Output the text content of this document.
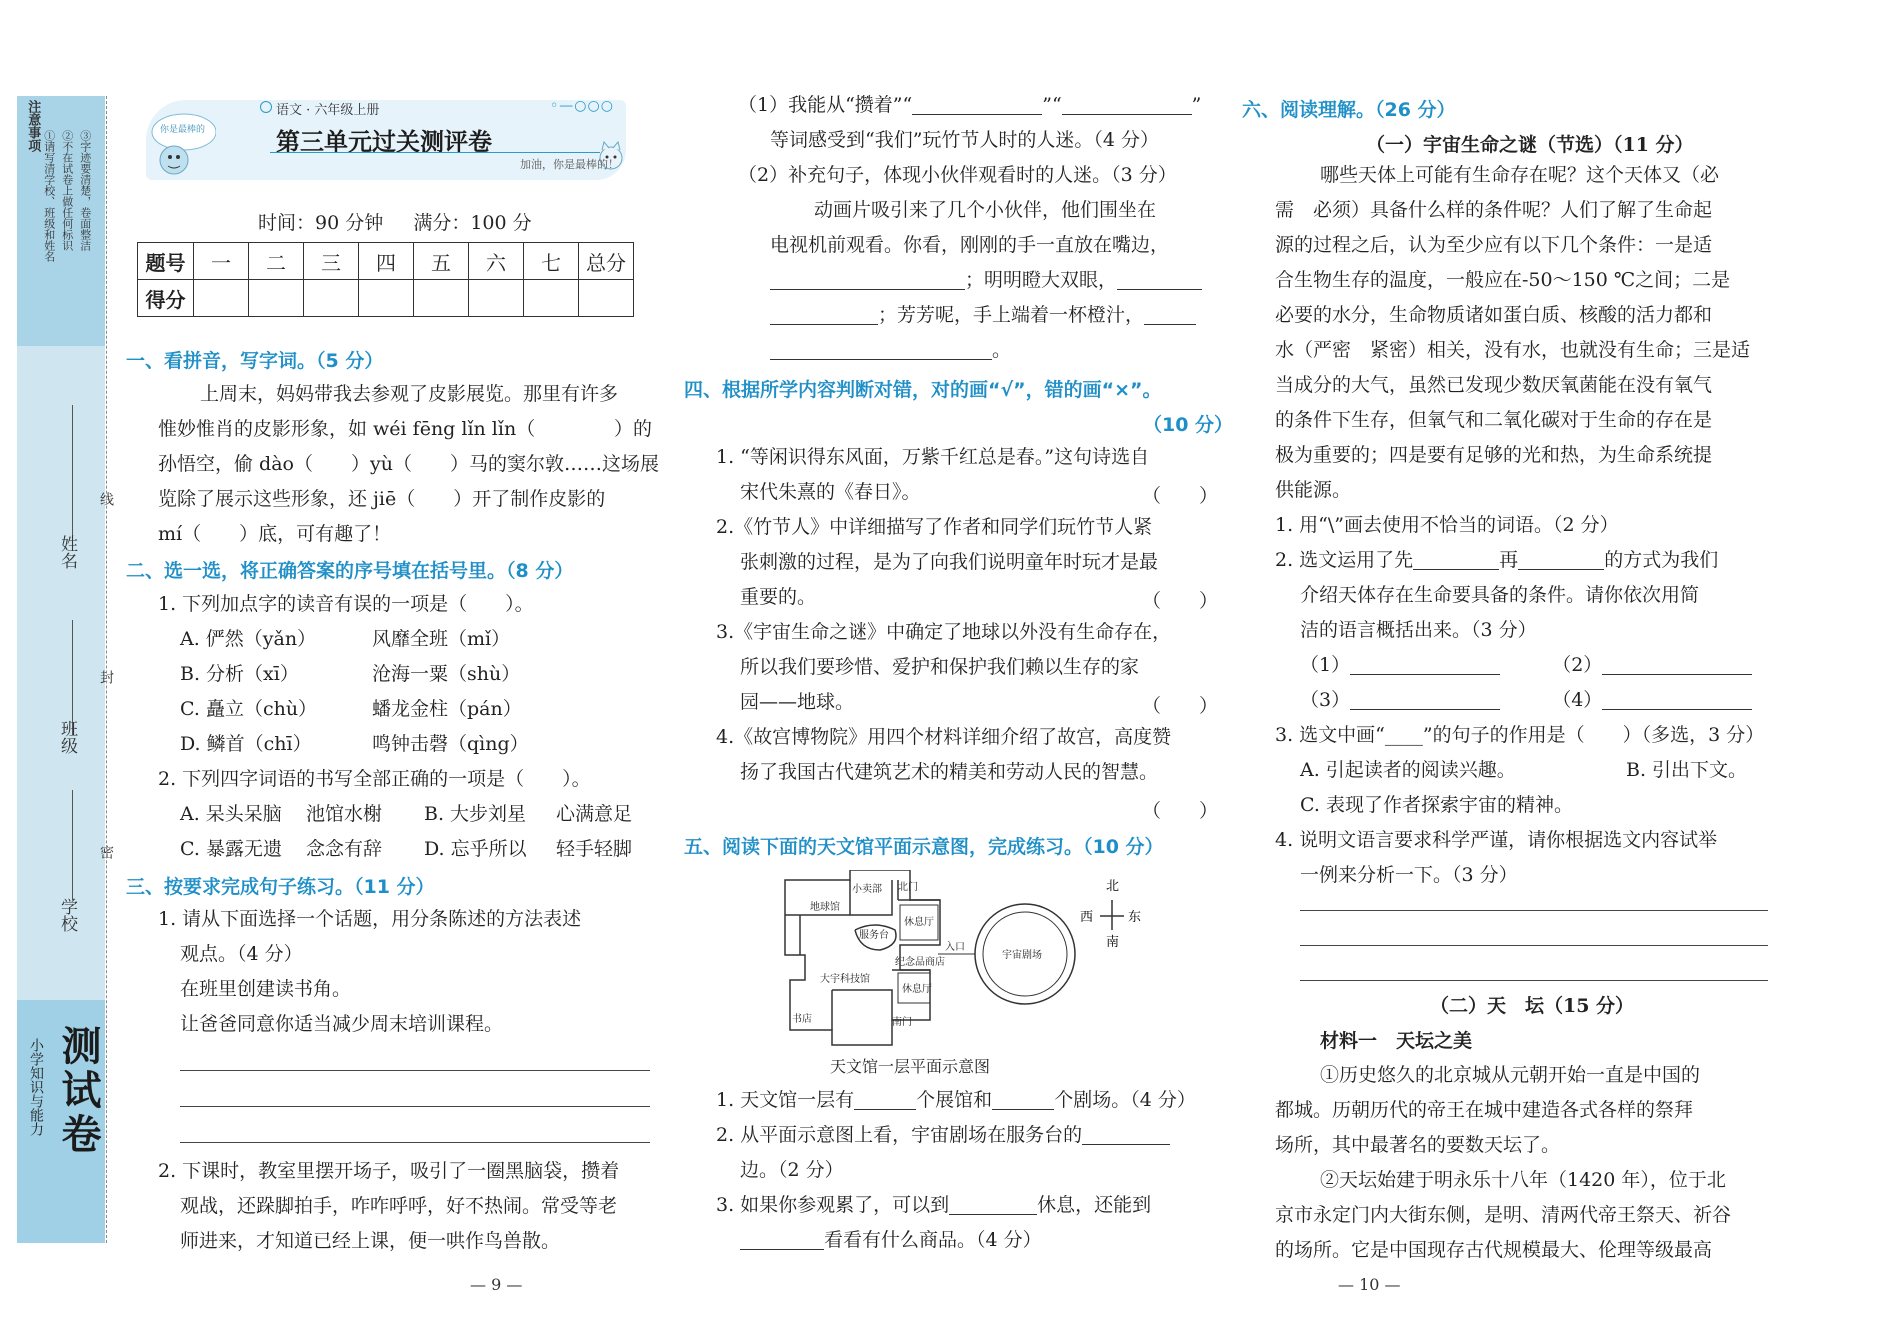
注意事项
①请写清学校、班级和姓名 ②不在试卷上做任何标识 ③字迹要清楚，卷面整洁
姓名
班级
学校
线
封
密
小学知识与能力 测试卷
你是最棒的
语文 · 六年级上册	◦—○○○
第三单元过关测评卷
加油，你是最棒的！
时间：90 分钟 满分：100 分
题号	一	二	三	四	五	六	七	总分
得分								
一、看拼音，写字词。（5 分）
上周末，妈妈带我去参观了皮影展览。那里有许多
惟妙惟肖的皮影形象，如 wéi fēng lǐn lǐn（	）的
孙悟空，偷 dào（　　）yù（　　）马的窦尔敦……这场展
览除了展示这些形象，还 jiē（　　）开了制作皮影的
mí（　　）底，可有趣了！
二、选一选，将正确答案的序号填在括号里。（8 分）
1. 下列加点字的读音有误的一项是（　　）。
A. 俨然（yǎn）	风靡全班（mǐ）
B. 分析（xī）	沧海一粟（shù）
C. 矗立（chù）	蟠龙金柱（pán）
D. 鳞首（chī）	鸣钟击磬（qìng）
2. 下列四字词语的书写全部正确的一项是（　　）。
A. 呆头呆脑 池馆水榭 B. 大步刘星 心满意足
C. 暴露无遗 念念有辞 D. 忘乎所以 轻手轻脚
三、按要求完成句子练习。（11 分）
1. 请从下面选择一个话题，用分条陈述的方法表述
观点。（4 分）
在班里创建读书角。
让爸爸同意你适当减少周末培训课程。
2. 下课时，教室里摆开场子，吸引了一圈黑脑袋，攒着
观战，还跺脚拍手，咋咋呼呼，好不热闹。常受等老
师进来，才知道已经上课，便一哄作鸟兽散。
— 9 —
（1）我能从“攒着”“	”“	”
等词感受到“我们”玩竹节人时的人迷。（4 分）
（2）补充句子，体现小伙伴观看时的人迷。（3 分）
动画片吸引来了几个小伙伴，他们围坐在
电视机前观看。你看，刚刚的手一直放在嘴边，
；明明瞪大双眼，
；芳芳呢，手上端着一杯橙汁，
。
四、根据所学内容判断对错，对的画“√”，错的画“×”。
（10 分）
1. “等闲识得东风面，万紫千红总是春。”这句诗选自
宋代朱熹的《春日》。	（　　）
2.《竹节人》中详细描写了作者和同学们玩竹节人紧
张刺激的过程，是为了向我们说明童年时玩才是最
重要的。	（　　）
3.《宇宙生命之谜》中确定了地球以外没有生命存在，
所以我们要珍惜、爱护和保护我们赖以生存的家
园——地球。	（　　）
4.《故宫博物院》用四个材料详细介绍了故宫，高度赞
扬了我国古代建筑艺术的精美和劳动人民的智慧。
（　　）
五、阅读下面的天文馆平面示意图，完成练习。（10 分）
小卖部 北门
休息厅
地球馆
服务台
入口
宇宙剧场
纪念品商店
大宇科技馆
休息厅
书店	南门
北
西	东
南
天文馆一层平面示意图
1. 天文馆一层有	个展馆和	个剧场。（4 分）
2. 从平面示意图上看，宇宙剧场在服务台的
边。（2 分）
3. 如果你参观累了，可以到	休息，还能到
看看有什么商品。（4 分）
六、阅读理解。（26 分）
（一）宇宙生命之谜（节选）（11 分）
哪些天体上可能有生命存在呢？这个天体又（必
需　必须）具备什么样的条件呢？人们了解了生命起
源的过程之后，认为至少应有以下几个条件：一是适
合生物生存的温度，一般应在-50～150 ℃之间；二是
必要的水分，生命物质诸如蛋白质、核酸的活力都和
水（严密　紧密）相关，没有水，也就没有生命；三是适
当成分的大气，虽然已发现少数厌氧菌能在没有氧气
的条件下生存，但氧气和二氧化碳对于生命的存在是
极为重要的；四是要有足够的光和热，为生命系统提
供能源。
1. 用“\”画去使用不恰当的词语。（2 分）
2. 选文运用了先	再	的方式为我们
介绍天体存在生命要具备的条件。请你依次用简
洁的语言概括出来。（3 分）
（1）	（2）
（3）	（4）
3. 选文中画“____”的句子的作用是（　　）（多选，3 分）
A. 引起读者的阅读兴趣。	B. 引出下文。
C. 表现了作者探索宇宙的精神。
4. 说明文语言要求科学严谨，请你根据选文内容试举
一例来分析一下。（3 分）
（二）天　坛（15 分）
材料一　天坛之美
①历史悠久的北京城从元朝开始一直是中国的
都城。历朝历代的帝王在城中建造各式各样的祭拜
场所，其中最著名的要数天坛了。
②天坛始建于明永乐十八年（1420 年），位于北
京市永定门内大街东侧，是明、清两代帝王祭天、祈谷
的场所。它是中国现存古代规模最大、伦理等级最高
— 10 —
